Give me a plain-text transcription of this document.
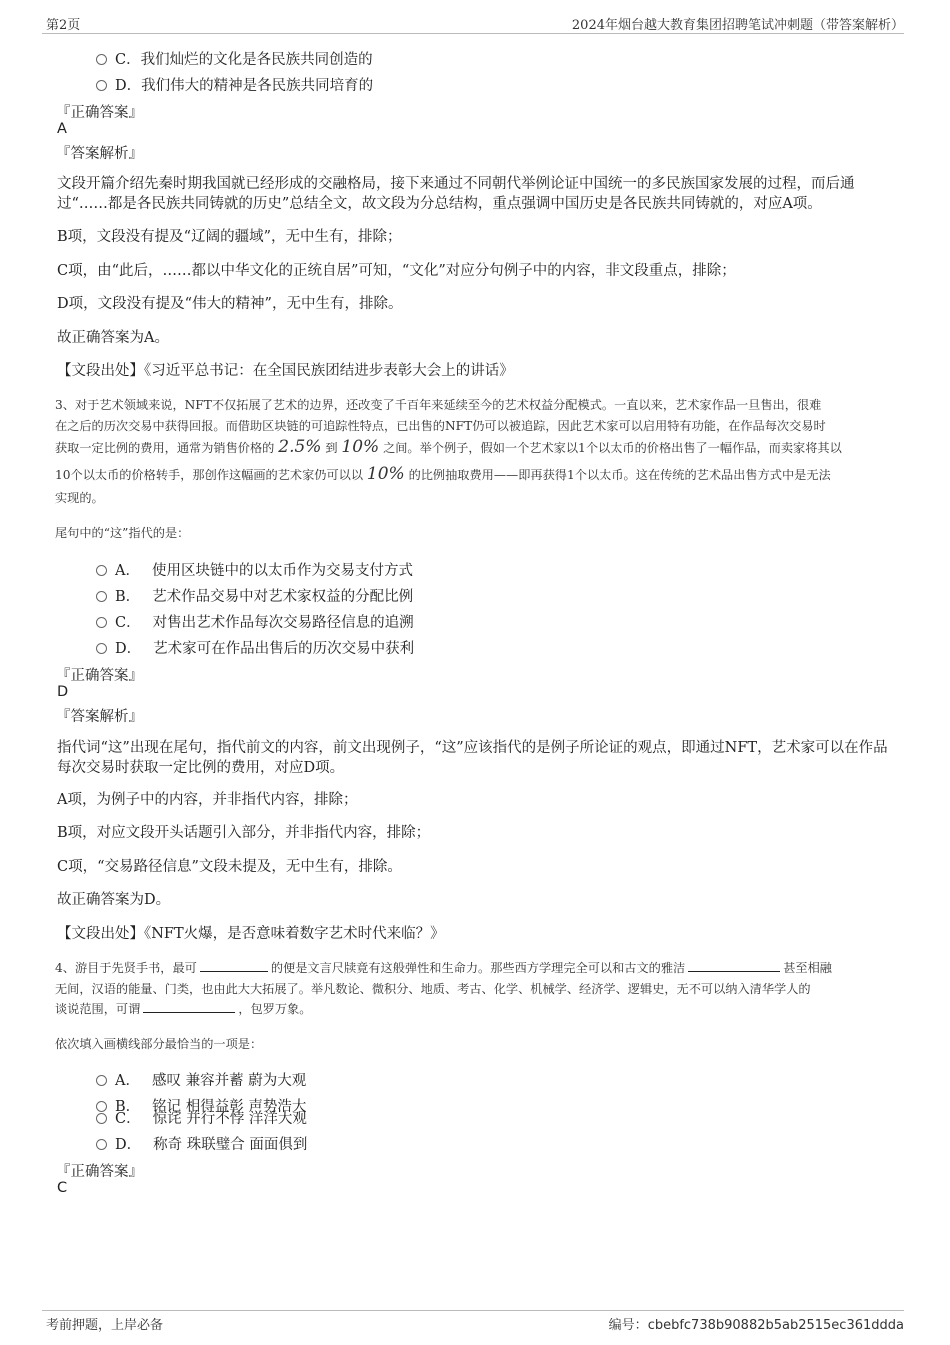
第2页	2024年烟台越大教育集团招聘笔试冲刺题（带答案解析）
C．我们灿烂的文化是各民族共同创造的
D．我们伟大的精神是各民族共同培育的
『正确答案』
A
『答案解析』
文段开篇介绍先秦时期我国就已经形成的交融格局，接下来通过不同朝代举例论证中国统一的多民族国家发展的过程，而后通过“……都是各民族共同铸就的历史”总结全文，故文段为分总结构，重点强调中国历史是各民族共同铸就的，对应A项。
B项，文段没有提及“辽阔的疆域”，无中生有，排除；
C项，由“此后，……都以中华文化的正统自居”可知，“文化”对应分句例子中的内容，非文段重点，排除；
D项，文段没有提及“伟大的精神”，无中生有，排除。
故正确答案为A。
【文段出处】《习近平总书记：在全国民族团结进步表彰大会上的讲话》
3、对于艺术领域来说，NFT不仅拓展了艺术的边界，还改变了千百年来延续至今的艺术权益分配模式。一直以来，艺术家作品一旦售出，很难
在之后的历次交易中获得回报。而借助区块链的可追踪性特点，已出售的NFT仍可以被追踪，因此艺术家可以启用特有功能，在作品每次交易时
获取一定比例的费用，通常为销售价格的 2.5% 到 10% 之间。举个例子，假如一个艺术家以1个以太币的价格出售了一幅作品，而卖家将其以
10个以太币的价格转手，那创作这幅画的艺术家仍可以以 10% 的比例抽取费用——即再获得1个以太币。这在传统的艺术品出售方式中是无法
实现的。
尾句中的“这”指代的是：
A． 使用区块链中的以太币作为交易支付方式
B． 艺术作品交易中对艺术家权益的分配比例
C． 对售出艺术作品每次交易路径信息的追溯
D． 艺术家可在作品出售后的历次交易中获利
『正确答案』
D
『答案解析』
指代词“这”出现在尾句，指代前文的内容，前文出现例子，“这”应该指代的是例子所论证的观点，即通过NFT，艺术家可以在作品每次交易时获取一定比例的费用，对应D项。
A项，为例子中的内容，并非指代内容，排除；
B项，对应文段开头话题引入部分，并非指代内容，排除；
C项，“交易路径信息”文段未提及，无中生有，排除。
故正确答案为D。
【文段出处】《NFT火爆，是否意味着数字艺术时代来临？》
4、游目于先贤手书，最可	的便是文言尺牍竟有这般弹性和生命力。那些西方学理完全可以和古文的雅洁	甚至相融
无间，汉语的能量、门类，也由此大大拓展了。举凡数论、微积分、地质、考古、化学、机械学、经济学、逻辑史，无不可以纳入清华学人的
谈说范围，可谓	，包罗万象。
依次填入画横线部分最恰当的一项是：
A． 感叹 兼容并蓄 蔚为大观
B． 铭记 相得益彰 声势浩大
C． 惊诧 并行不悖 洋洋大观
D． 称奇 珠联璧合 面面俱到
『正确答案』
C
考前押题，上岸必备	编号：cbebfc738b90882b5ab2515ec361ddda
